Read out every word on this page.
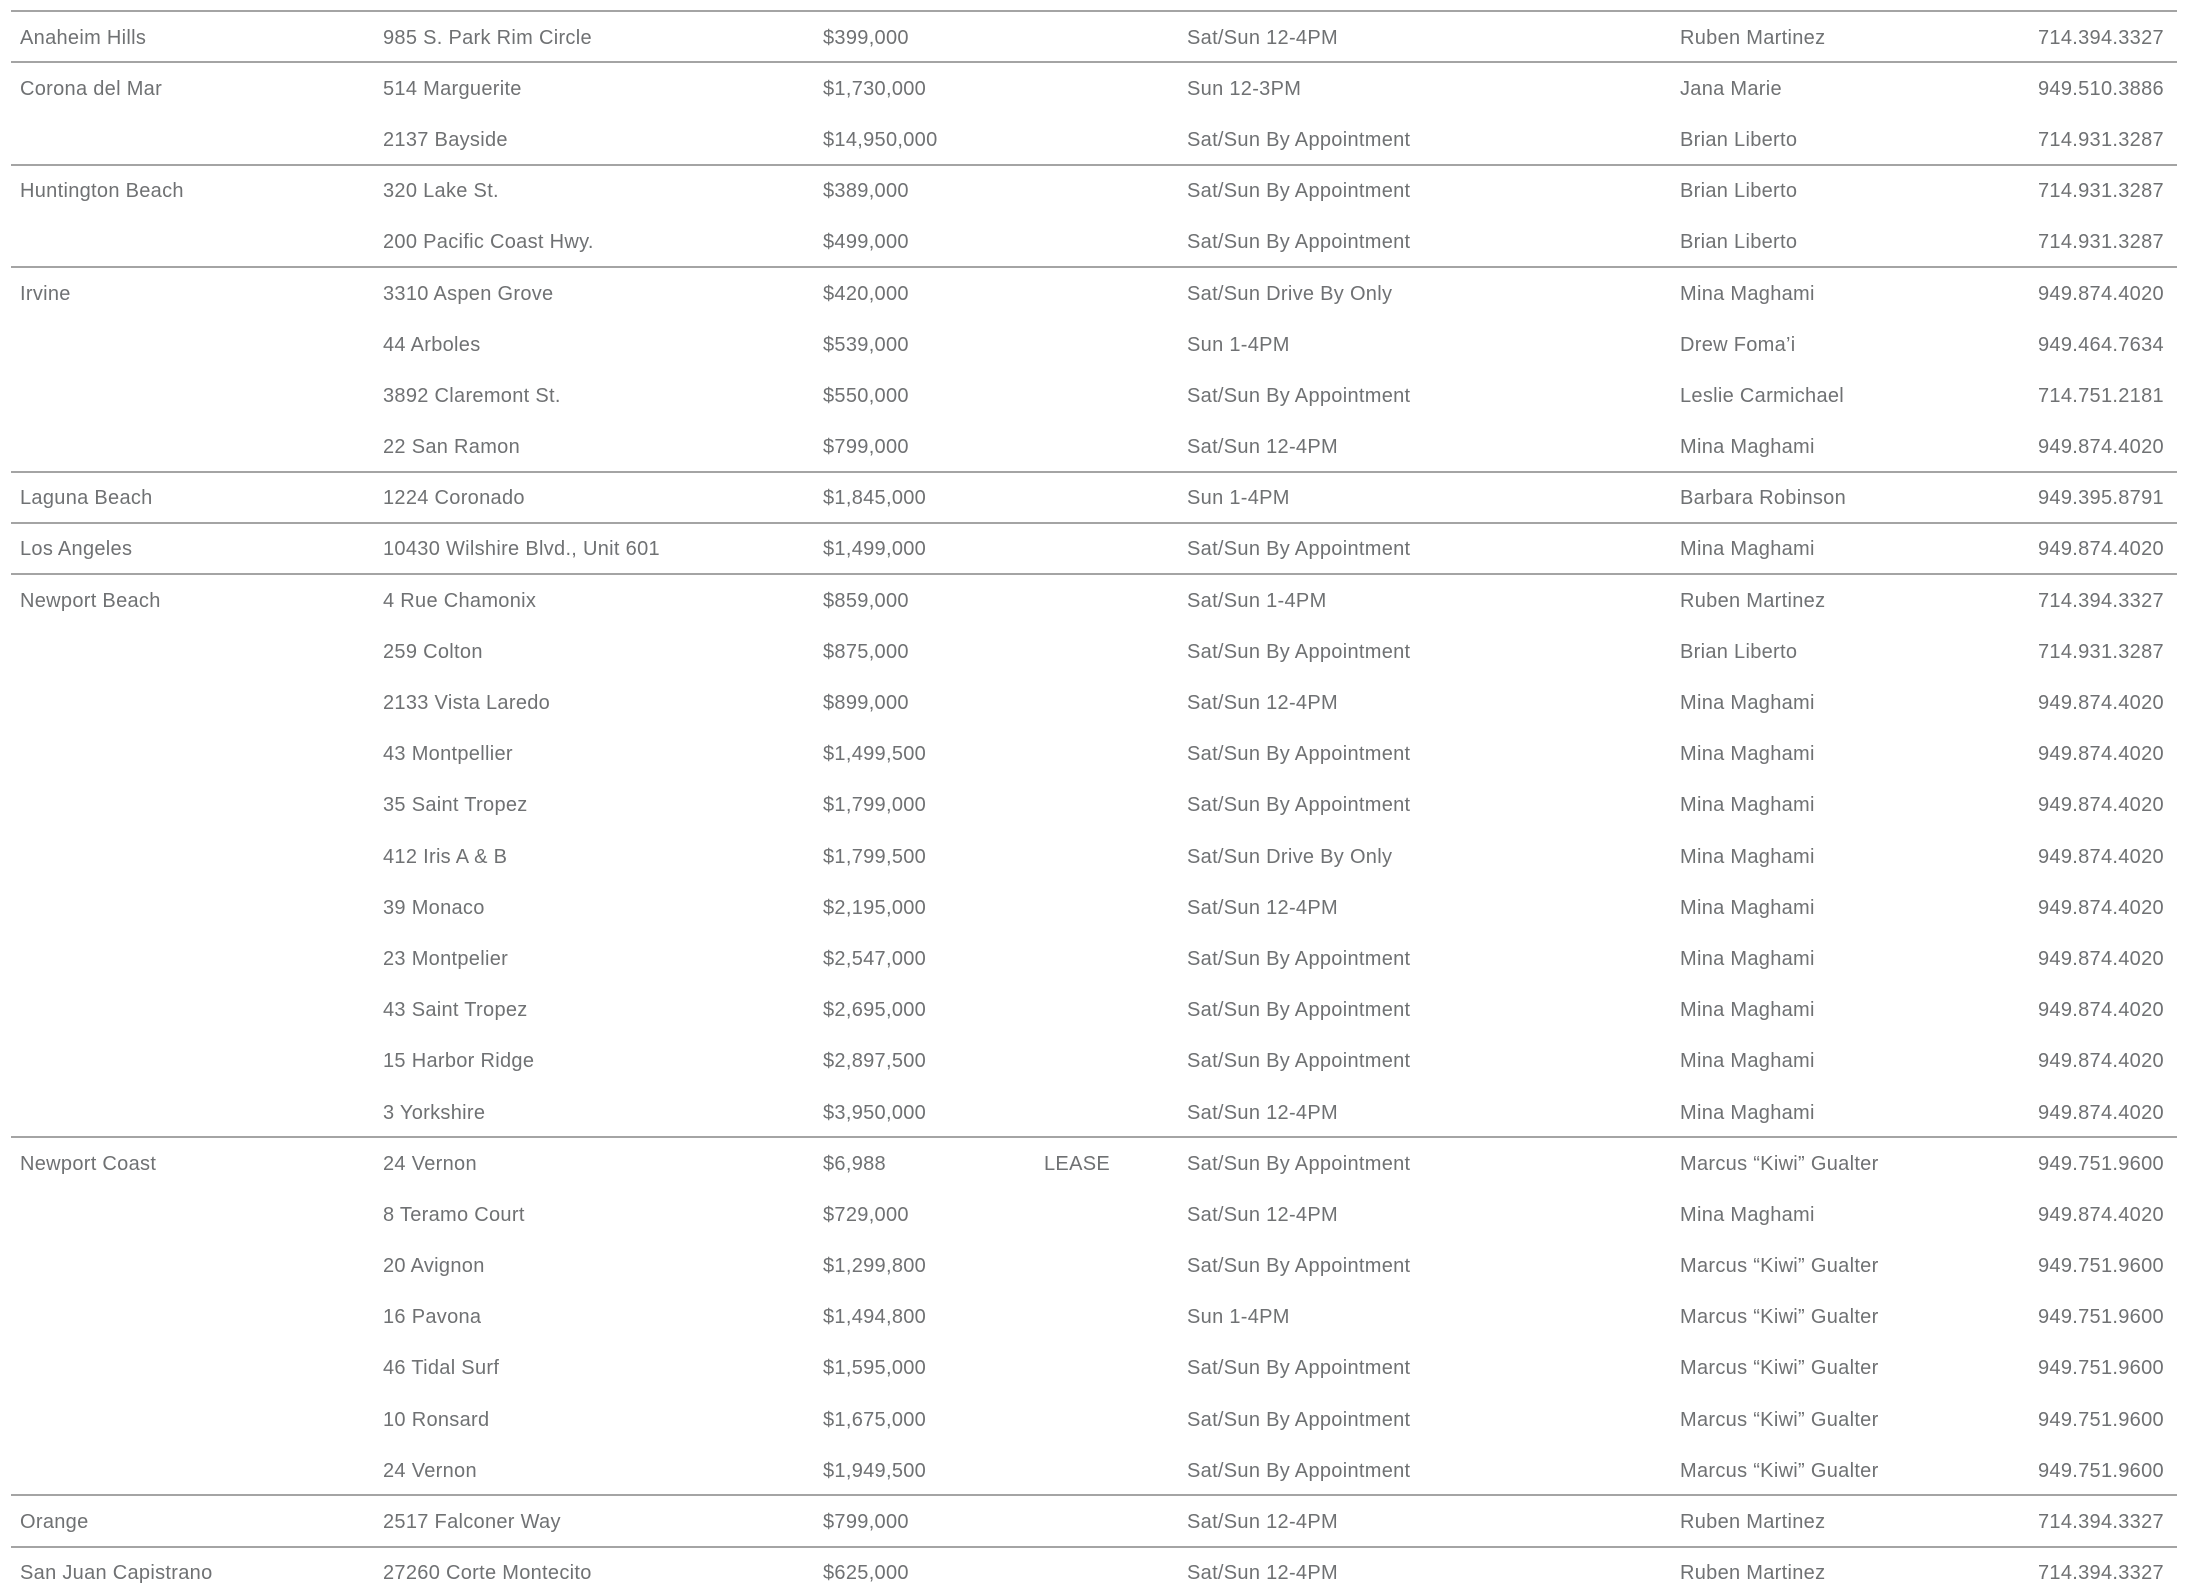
Anaheim Hills	985 S. Park Rim Circle	$399,000	Sat/Sun 12-4PM	Ruben Martinez	714.394.3327
Corona del Mar	514 Marguerite	$1,730,000	Sun 12-3PM	Jana Marie	949.510.3886
2137 Bayside	$14,950,000	Sat/Sun By Appointment	Brian Liberto	714.931.3287
Huntington Beach	320 Lake St.	$389,000	Sat/Sun By Appointment	Brian Liberto	714.931.3287
200 Pacific Coast Hwy.	$499,000	Sat/Sun By Appointment	Brian Liberto	714.931.3287
Irvine	3310 Aspen Grove	$420,000	Sat/Sun Drive By Only	Mina Maghami	949.874.4020
44 Arboles	$539,000	Sun 1-4PM	Drew Foma’i	949.464.7634
3892 Claremont St.	$550,000	Sat/Sun By Appointment	Leslie Carmichael	714.751.2181
22 San Ramon	$799,000	Sat/Sun 12-4PM	Mina Maghami	949.874.4020
Laguna Beach	1224 Coronado	$1,845,000	Sun 1-4PM	Barbara Robinson	949.395.8791
Los Angeles	10430 Wilshire Blvd., Unit 601	$1,499,000	Sat/Sun By Appointment	Mina Maghami	949.874.4020
Newport Beach	4 Rue Chamonix	$859,000	Sat/Sun 1-4PM	Ruben Martinez	714.394.3327
259 Colton	$875,000	Sat/Sun By Appointment	Brian Liberto	714.931.3287
2133 Vista Laredo	$899,000	Sat/Sun 12-4PM	Mina Maghami	949.874.4020
43 Montpellier	$1,499,500	Sat/Sun By Appointment	Mina Maghami	949.874.4020
35 Saint Tropez	$1,799,000	Sat/Sun By Appointment	Mina Maghami	949.874.4020
412 Iris A & B	$1,799,500	Sat/Sun Drive By Only	Mina Maghami	949.874.4020
39 Monaco	$2,195,000	Sat/Sun 12-4PM	Mina Maghami	949.874.4020
23 Montpelier	$2,547,000	Sat/Sun By Appointment	Mina Maghami	949.874.4020
43 Saint Tropez	$2,695,000	Sat/Sun By Appointment	Mina Maghami	949.874.4020
15 Harbor Ridge	$2,897,500	Sat/Sun By Appointment	Mina Maghami	949.874.4020
3 Yorkshire	$3,950,000	Sat/Sun 12-4PM	Mina Maghami	949.874.4020
Newport Coast	24 Vernon	$6,988	LEASE	Sat/Sun By Appointment	Marcus “Kiwi” Gualter	949.751.9600
8 Teramo Court	$729,000	Sat/Sun 12-4PM	Mina Maghami	949.874.4020
20 Avignon	$1,299,800	Sat/Sun By Appointment	Marcus “Kiwi” Gualter	949.751.9600
16 Pavona	$1,494,800	Sun 1-4PM	Marcus “Kiwi” Gualter	949.751.9600
46 Tidal Surf	$1,595,000	Sat/Sun By Appointment	Marcus “Kiwi” Gualter	949.751.9600
10 Ronsard	$1,675,000	Sat/Sun By Appointment	Marcus “Kiwi” Gualter	949.751.9600
24 Vernon	$1,949,500	Sat/Sun By Appointment	Marcus “Kiwi” Gualter	949.751.9600
Orange	2517 Falconer Way	$799,000	Sat/Sun 12-4PM	Ruben Martinez	714.394.3327
San Juan Capistrano	27260 Corte Montecito	$625,000	Sat/Sun 12-4PM	Ruben Martinez	714.394.3327
